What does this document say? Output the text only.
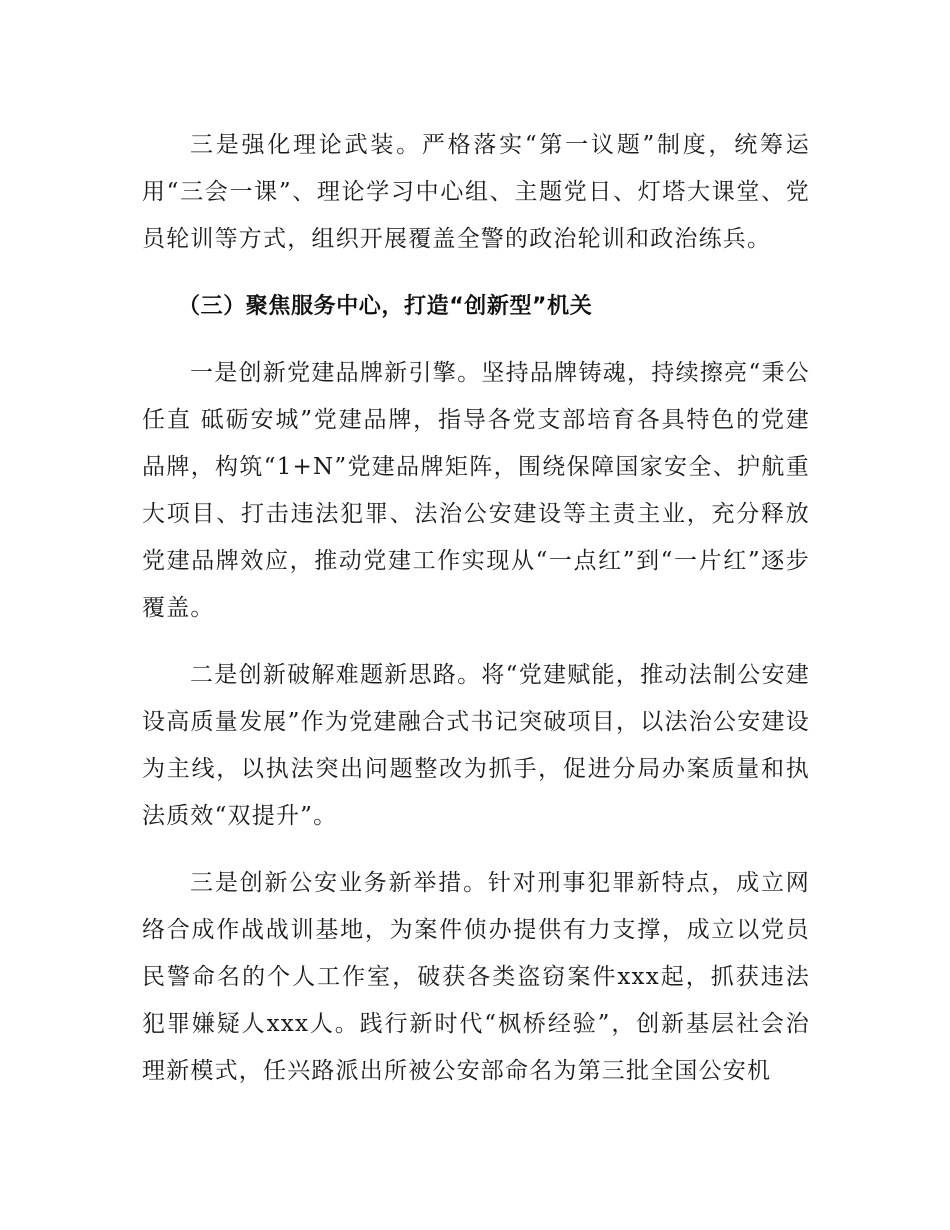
三是强化理论武装。严格落实“第一议题”制度，统筹运用“三会一课”、理论学习中心组、主题党日、灯塔大课堂、党员轮训等方式，组织开展覆盖全警的政治轮训和政治练兵。

（三）聚焦服务中心，打造“创新型”机关

一是创新党建品牌新引擎。坚持品牌铸魂，持续擦亮“秉公任直 砥砺安城”党建品牌，指导各党支部培育各具特色的党建品牌，构筑“1+N”党建品牌矩阵，围绕保障国家安全、护航重大项目、打击违法犯罪、法治公安建设等主责主业，充分释放党建品牌效应，推动党建工作实现从“一点红”到“一片红”逐步覆盖。

二是创新破解难题新思路。将“党建赋能，推动法制公安建设高质量发展”作为党建融合式书记突破项目，以法治公安建设为主线，以执法突出问题整改为抓手，促进分局办案质量和执法质效“双提升”。

三是创新公安业务新举措。针对刑事犯罪新特点，成立网络合成作战战训基地，为案件侦办提供有力支撑，成立以党员民警命名的个人工作室，破获各类盗窃案件xxx起，抓获违法犯罪嫌疑人xxx人。践行新时代“枫桥经验”，创新基层社会治理新模式，任兴路派出所被公安部命名为第三批全国公安机
